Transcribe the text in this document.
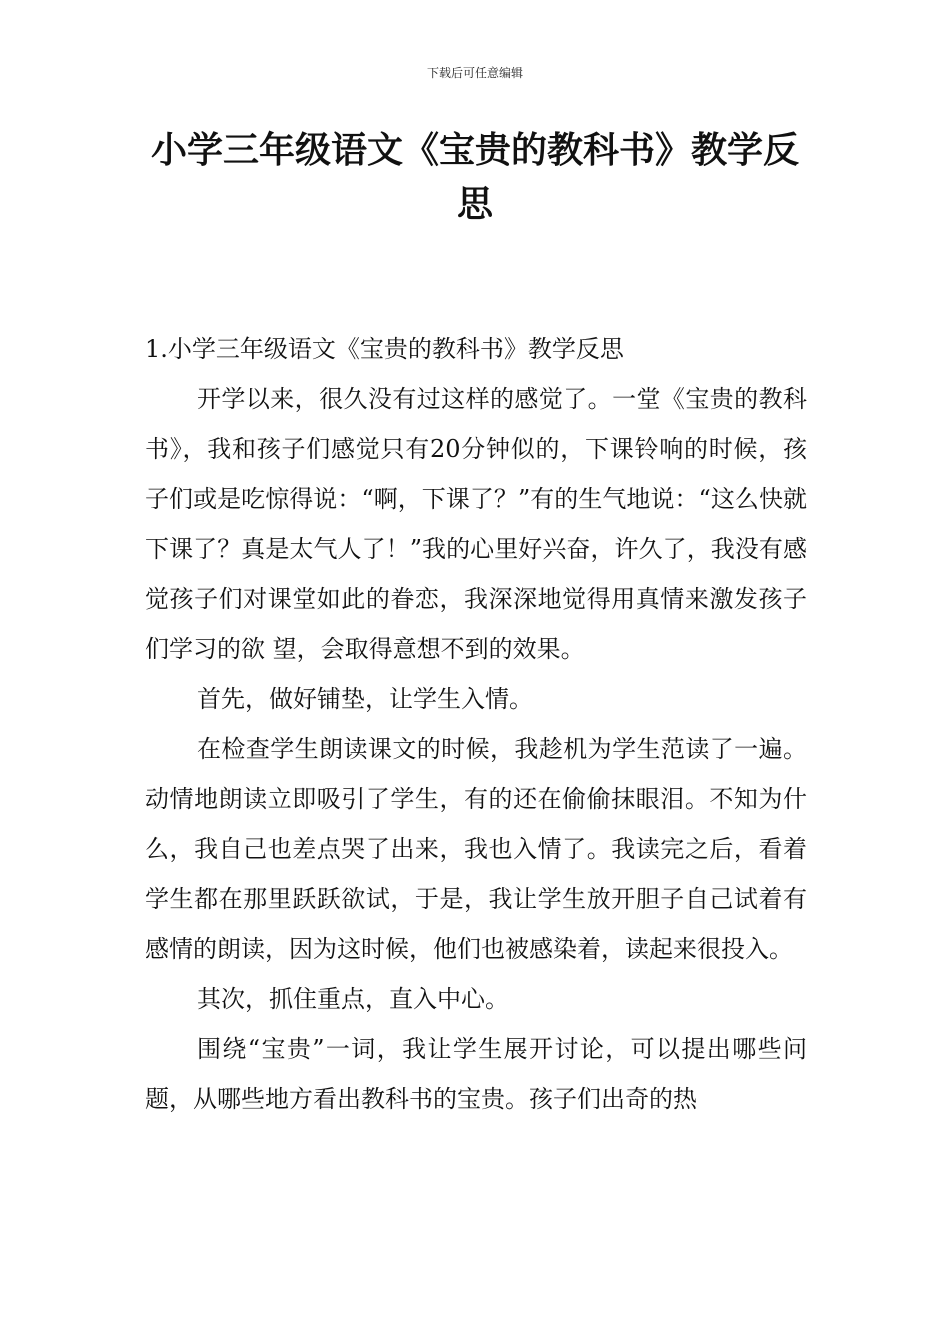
下载后可任意编辑
小学三年级语文《宝贵的教科书》教学反思

1.小学三年级语文《宝贵的教科书》教学反思

开学以来，很久没有过这样的感觉了。一堂《宝贵的教科书》，我和孩子们感觉只有20分钟似的，下课铃响的时候，孩子们或是吃惊得说：“啊，下课了？”有的生气地说：“这么快就下课了？真是太气人了！”我的心里好兴奋，许久了，我没有感觉孩子们对课堂如此的眷恋，我深深地觉得用真情来激发孩子们学习的欲 望，会取得意想不到的效果。

首先，做好铺垫，让学生入情。

在检查学生朗读课文的时候，我趁机为学生范读了一遍。动情地朗读立即吸引了学生，有的还在偷偷抹眼泪。不知为什么，我自己也差点哭了出来，我也入情了。我读完之后，看着学生都在那里跃跃欲试，于是，我让学生放开胆子自己试着有感情的朗读，因为这时候，他们也被感染着，读起来很投入。

其次，抓住重点，直入中心。

围绕“宝贵”一词，我让学生展开讨论，可以提出哪些问题，从哪些地方看出教科书的宝贵。孩子们出奇的热
